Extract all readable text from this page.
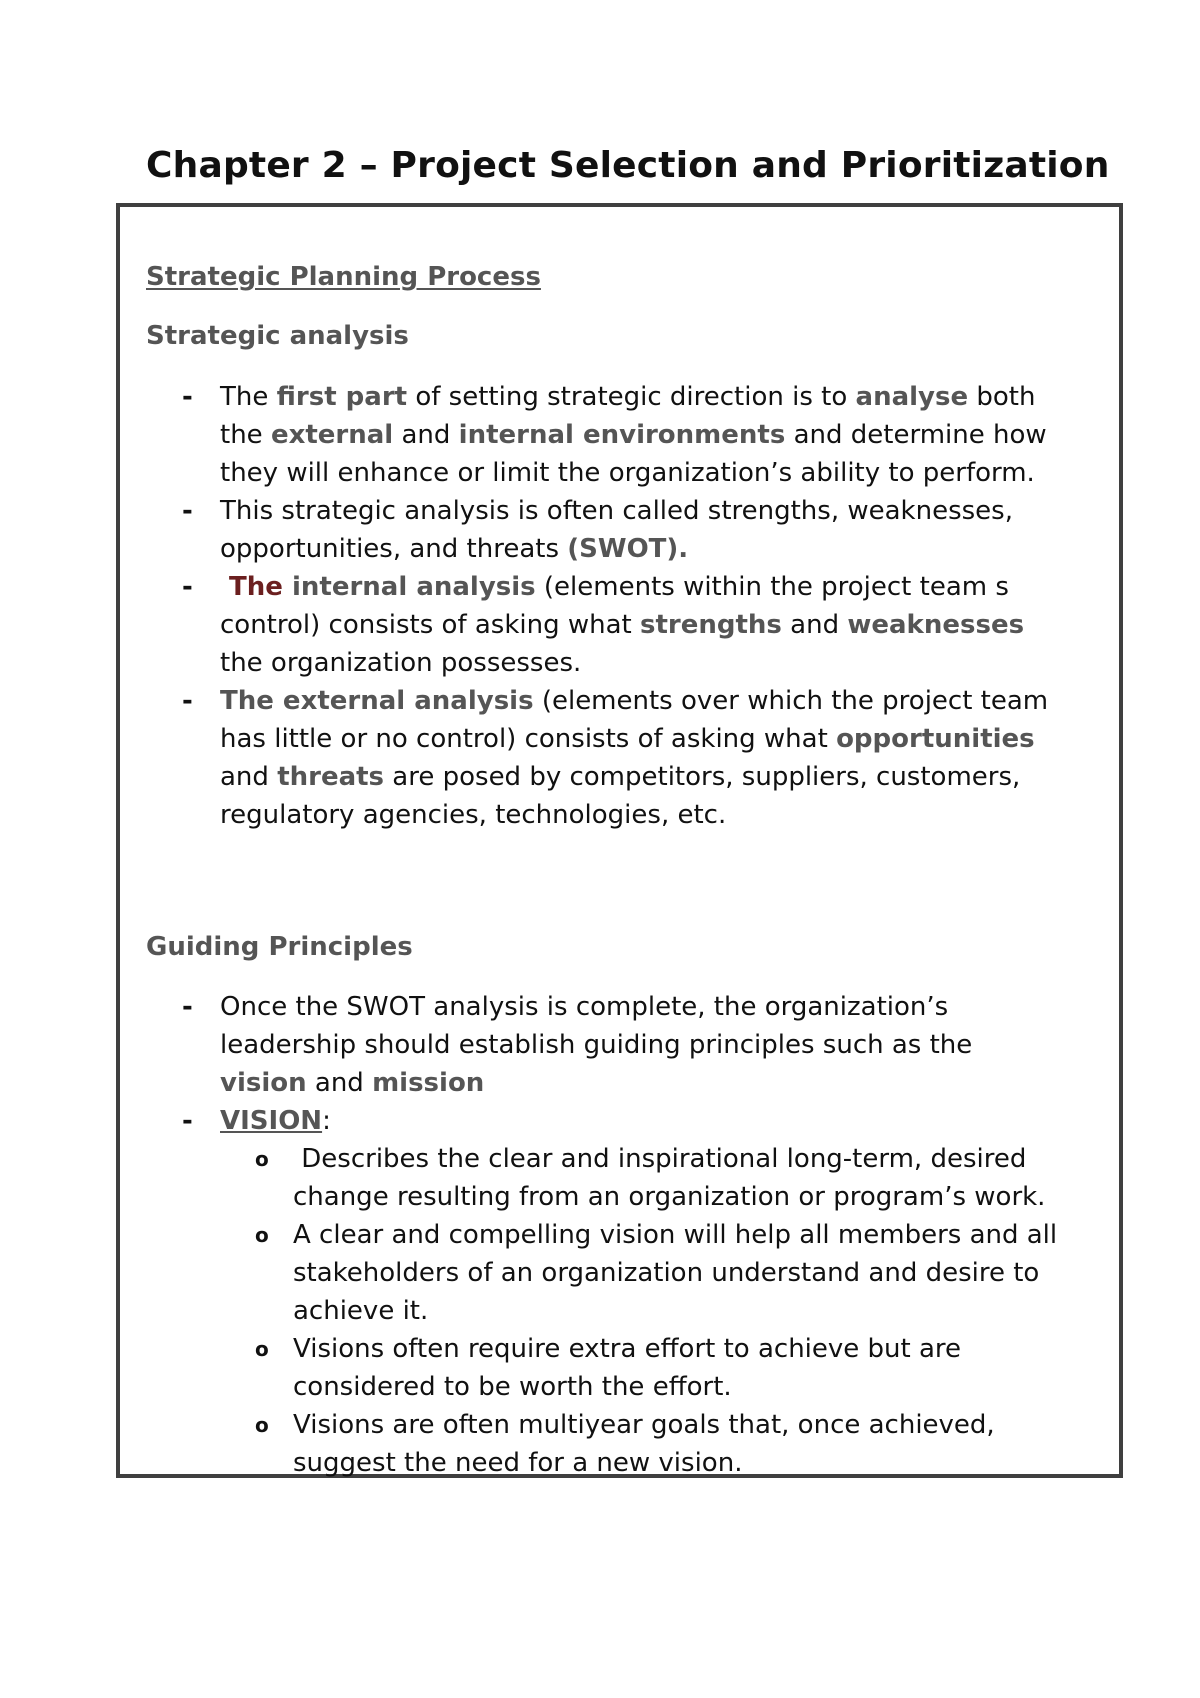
Chapter 2 – Project Selection and Prioritization
Strategic Planning Process
Strategic analysis
- The first part of setting strategic direction is to analyse both the external and internal environments and determine how they will enhance or limit the organization’s ability to perform.
- This strategic analysis is often called strengths, weaknesses, opportunities, and threats (SWOT).
- The internal analysis (elements within the project team s control) consists of asking what strengths and weaknesses the organization possesses.
- The external analysis (elements over which the project team has little or no control) consists of asking what opportunities and threats are posed by competitors, suppliers, customers, regulatory agencies, technologies, etc.
Guiding Principles
- Once the SWOT analysis is complete, the organization’s leadership should establish guiding principles such as the vision and mission
- VISION:
o Describes the clear and inspirational long-term, desired change resulting from an organization or program’s work.
o A clear and compelling vision will help all members and all stakeholders of an organization understand and desire to achieve it.
o Visions often require extra effort to achieve but are considered to be worth the effort.
o Visions are often multiyear goals that, once achieved, suggest the need for a new vision.
